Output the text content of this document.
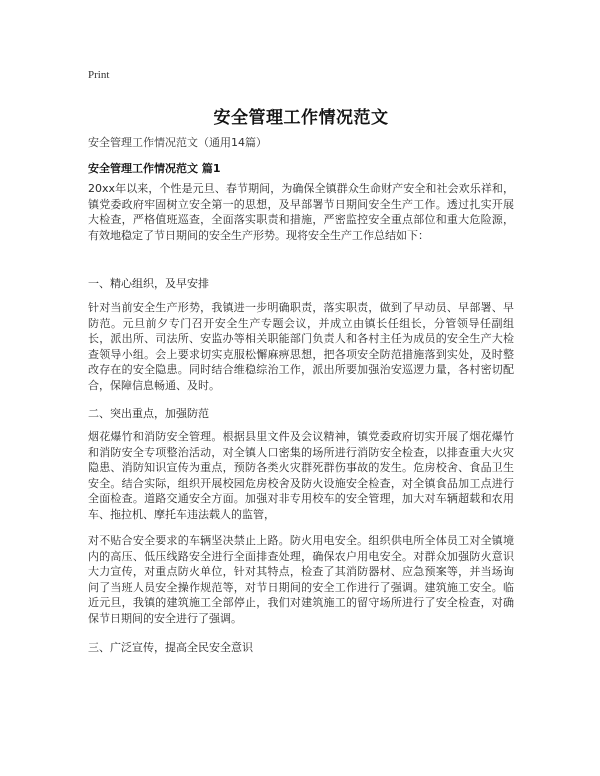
Print
安全管理工作情况范文
安全管理工作情况范文（通用14篇）
安全管理工作情况范文 篇1

20xx年以来，个性是元旦、春节期间，为确保全镇群众生命财产安全和社会欢乐祥和，镇党委政府牢固树立安全第一的思想，及早部署节日期间安全生产工作。透过扎实开展大检查，严格值班巡查，全面落实职责和措施，严密监控安全重点部位和重大危险源，有效地稳定了节日期间的安全生产形势。现将安全生产工作总结如下：

一、精心组织，及早安排

针对当前安全生产形势，我镇进一步明确职责，落实职责，做到了早动员、早部署、早防范。元旦前夕专门召开安全生产专题会议，并成立由镇长任组长，分管领导任副组长，派出所、司法所、安监办等相关职能部门负责人和各村主任为成员的安全生产大检查领导小组。会上要求切实克服松懈麻痹思想，把各项安全防范措施落到实处，及时整改存在的安全隐患。同时结合维稳综治工作，派出所要加强治安巡逻力量，各村密切配合，保障信息畅通、及时。

二、突出重点，加强防范

烟花爆竹和消防安全管理。根据县里文件及会议精神，镇党委政府切实开展了烟花爆竹和消防安全专项整治活动，对全镇人口密集的场所进行消防安全检查，以排查重大火灾隐患、消防知识宣传为重点，预防各类火灾群死群伤事故的发生。危房校舍、食品卫生安全。结合实际，组织开展校园危房校舍及防火设施安全检查，对全镇食品加工点进行全面检查。道路交通安全方面。加强对非专用校车的安全管理，加大对车辆超载和农用车、拖拉机、摩托车违法载人的监管，

对不贴合安全要求的车辆坚决禁止上路。防火用电安全。组织供电所全体员工对全镇境内的高压、低压线路安全进行全面排查处理，确保农户用电安全。对群众加强防火意识大力宣传，对重点防火单位，针对其特点，检查了其消防器材、应急预案等，并当场询问了当班人员安全操作规范等，对节日期间的安全工作进行了强调。建筑施工安全。临近元旦，我镇的建筑施工全部停止，我们对建筑施工的留守场所进行了安全检查，对确保节日期间的安全进行了强调。

三、广泛宣传，提高全民安全意识
